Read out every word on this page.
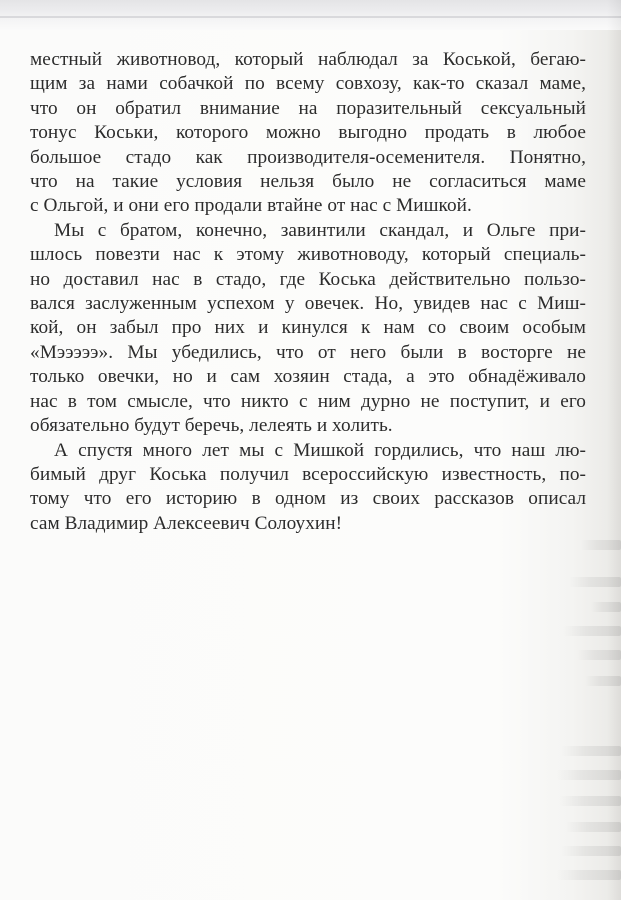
местный животновод, который наблюдал за Коськой, бегаю-
щим за нами собачкой по всему совхозу, как-то сказал маме,
что он обратил внимание на поразительный сексуальный
тонус Коськи, которого можно выгодно продать в любое
большое стадо как производителя-осеменителя. Понятно,
что на такие условия нельзя было не согласиться маме
с Ольгой, и они его продали втайне от нас с Мишкой.

Мы с братом, конечно, завинтили скандал, и Ольге при-
шлось повезти нас к этому животноводу, который специаль-
но доставил нас в стадо, где Коська действительно пользо-
вался заслуженным успехом у овечек. Но, увидев нас с Миш-
кой, он забыл про них и кинулся к нам со своим особым
«Мэээээ». Мы убедились, что от него были в восторге не
только овечки, но и сам хозяин стада, а это обнадёживало
нас в том смысле, что никто с ним дурно не поступит, и его
обязательно будут беречь, лелеять и холить.

А спустя много лет мы с Мишкой гордились, что наш лю-
бимый друг Коська получил всероссийскую известность, по-
тому что его историю в одном из своих рассказов описал
сам Владимир Алексеевич Солоухин!
